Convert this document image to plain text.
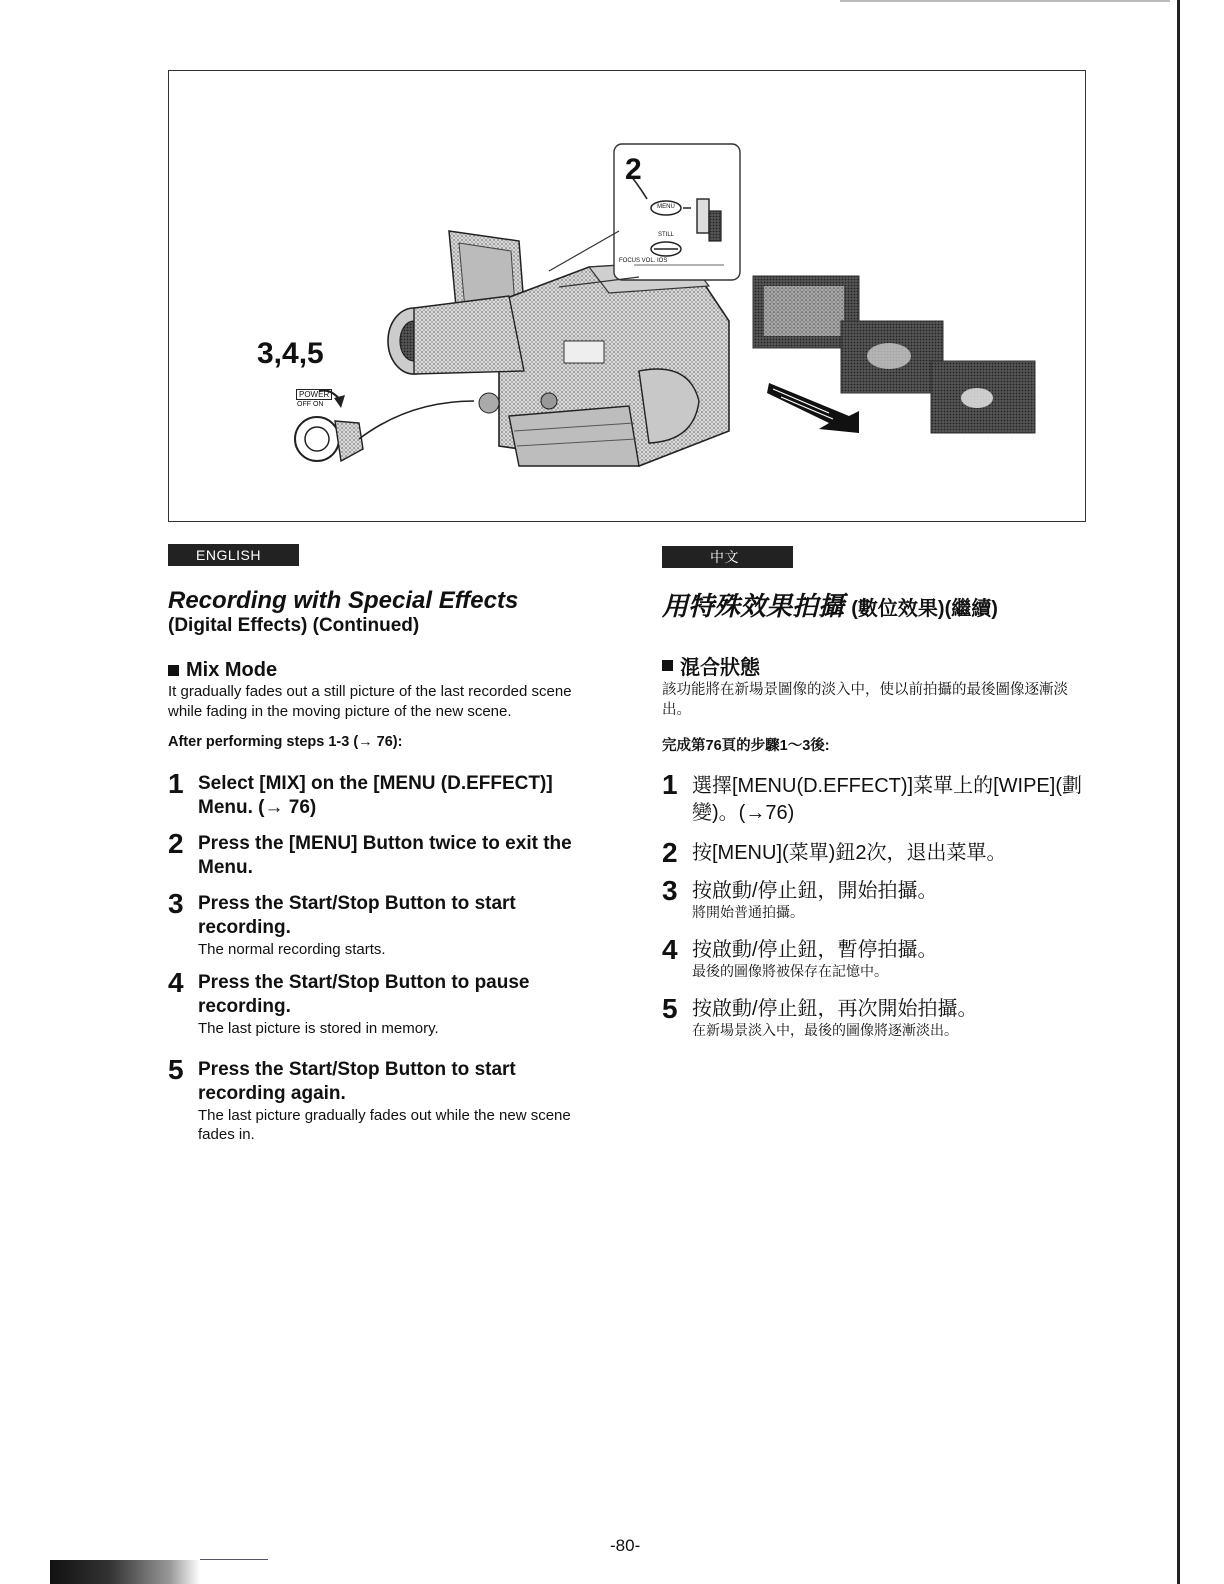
2
3,4,5
POWER
OFF ON
MENU
STILL
FOCUS VOL. IOS
ENGLISH
Recording with Special Effects

(Digital Effects) (Continued)

Mix Mode

It gradually fades out a still picture of the last recorded scene while fading in the moving picture of the new scene.

After performing steps 1-3 (→ 76):

1 Select [MIX] on the [MENU (D.EFFECT)] Menu. (→ 76)

2 Press the [MENU] Button twice to exit the Menu.

3 Press the Start/Stop Button to start recording.

The normal recording starts.

4 Press the Start/Stop Button to pause recording.

The last picture is stored in memory.

5 Press the Start/Stop Button to start recording again.

The last picture gradually fades out while the new scene fades in.

中文
用特殊效果拍攝 (數位效果)(繼續)

混合狀態

該功能將在新場景圖像的淡入中，使以前拍攝的最後圖像逐漸淡出。

完成第76頁的步驟1～3後:

1 選擇[MENU(D.EFFECT)]菜單上的[WIPE](劃變)。(→76)

2 按[MENU](菜單)鈕2次，退出菜單。

3 按啟動/停止鈕，開始拍攝。

將開始普通拍攝。

4 按啟動/停止鈕，暫停拍攝。

最後的圖像將被保存在記憶中。

5 按啟動/停止鈕，再次開始拍攝。

在新場景淡入中，最後的圖像將逐漸淡出。

-80-
